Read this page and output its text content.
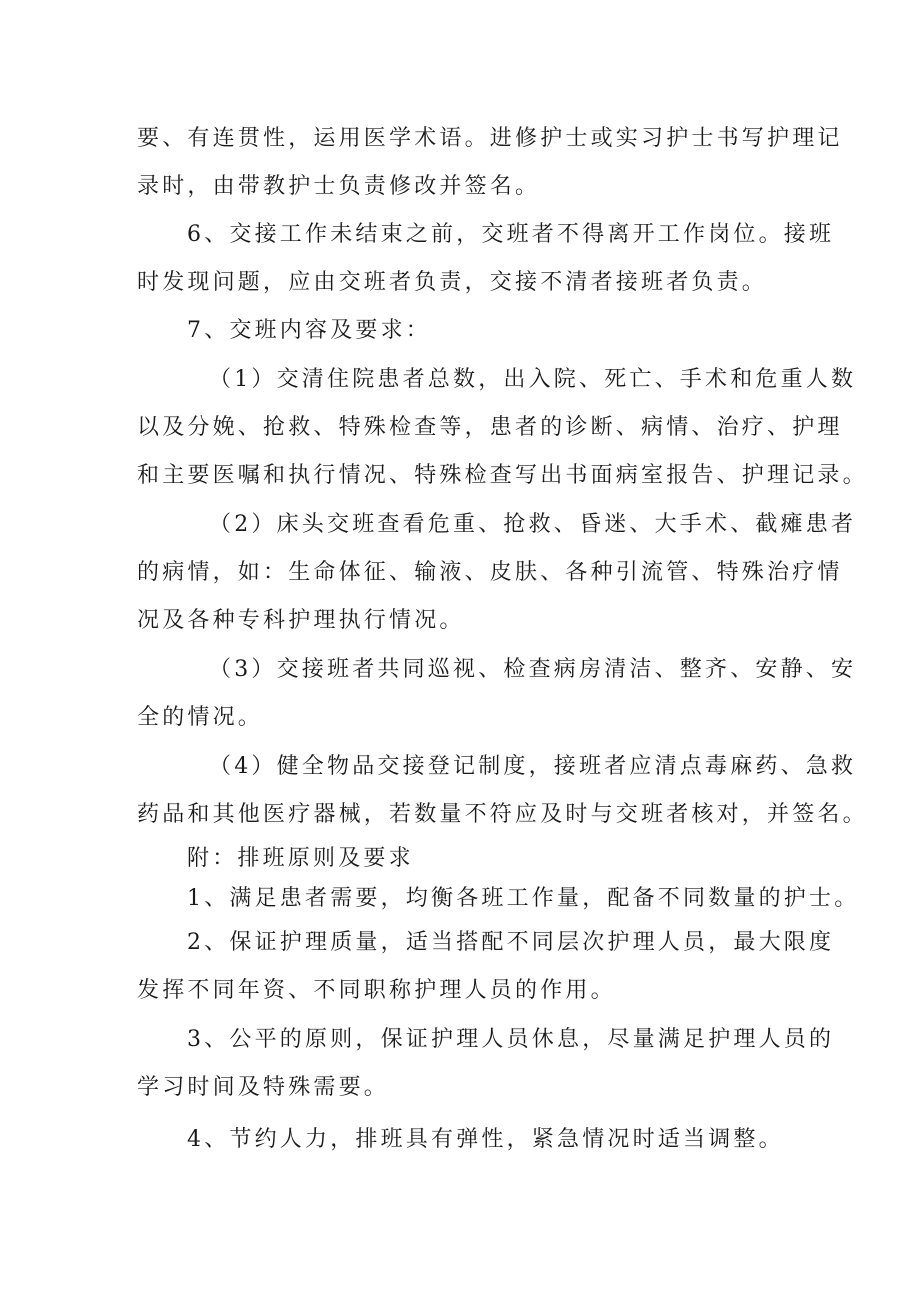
要、有连贯性，运用医学术语。进修护士或实习护士书写护理记
录时，由带教护士负责修改并签名。
6、交接工作未结束之前，交班者不得离开工作岗位。接班
时发现问题，应由交班者负责，交接不清者接班者负责。
7、交班内容及要求：
（1）交清住院患者总数，出入院、死亡、手术和危重人数
以及分娩、抢救、特殊检查等，患者的诊断、病情、治疗、护理
和主要医嘱和执行情况、特殊检查写出书面病室报告、护理记录。
（2）床头交班查看危重、抢救、昏迷、大手术、截瘫患者
的病情，如：生命体征、输液、皮肤、各种引流管、特殊治疗情
况及各种专科护理执行情况。
（3）交接班者共同巡视、检查病房清洁、整齐、安静、安
全的情况。
（4）健全物品交接登记制度，接班者应清点毒麻药、急救
药品和其他医疗器械，若数量不符应及时与交班者核对，并签名。
附：排班原则及要求
1、满足患者需要，均衡各班工作量，配备不同数量的护士。
2、保证护理质量，适当搭配不同层次护理人员，最大限度
发挥不同年资、不同职称护理人员的作用。
3、公平的原则，保证护理人员休息，尽量满足护理人员的
学习时间及特殊需要。
4、节约人力，排班具有弹性，紧急情况时适当调整。
